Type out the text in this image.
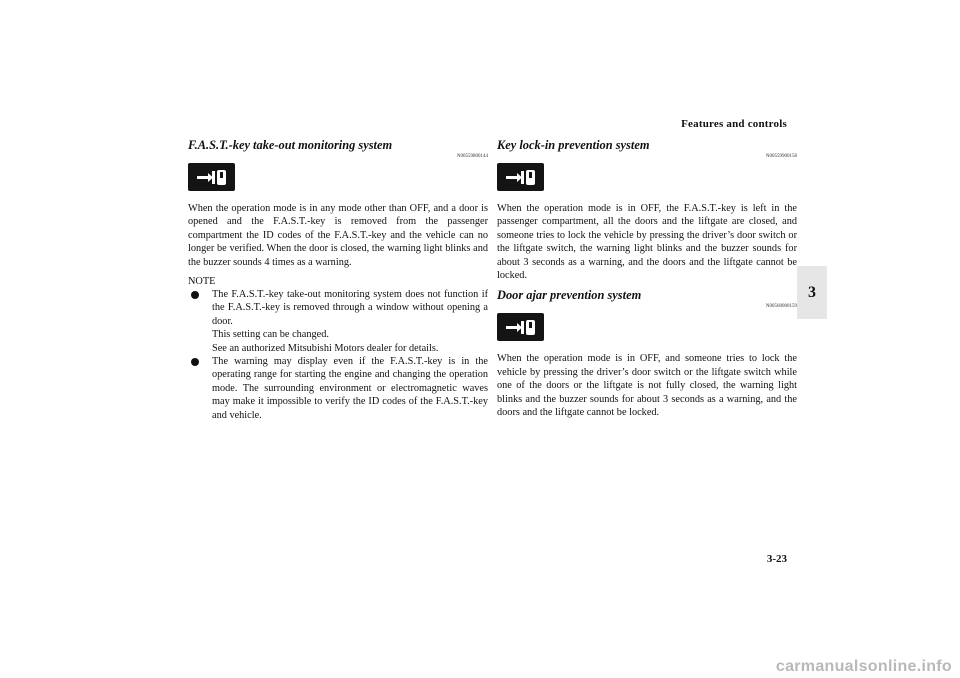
Features and controls
3
F.A.S.T.-key take-out monitoring system
N00559800144

When the operation mode is in any mode other than OFF, and a door is opened and the F.A.S.T.-key is removed from the passenger compartment the ID codes of the F.A.S.T.-key and the vehicle can no longer be verified. When the door is closed, the warning light blinks and the buzzer sounds 4 times as a warning.

NOTE
The F.A.S.T.-key take-out monitoring system does not function if the F.A.S.T.-key is removed through a window without opening a door.
This setting can be changed.
See an authorized Mitsubishi Motors dealer for details.
The warning may display even if the F.A.S.T.-key is in the operating range for starting the engine and changing the operation mode. The surrounding environment or electromagnetic waves may make it impossible to verify the ID codes of the F.A.S.T.-key and vehicle.
Key lock-in prevention system
N00559900158

When the operation mode is in OFF, the F.A.S.T.-key is left in the passenger compartment, all the doors and the liftgate are closed, and someone tries to lock the vehicle by pressing the driver’s door switch or the liftgate switch, the warning light blinks and the buzzer sounds for about 3 seconds as a warning, and the doors and the liftgate cannot be locked.

Door ajar prevention system
N00560000159

When the operation mode is in OFF, and someone tries to lock the vehicle by pressing the driver’s door switch or the liftgate switch while one of the doors or the liftgate is not fully closed, the warning light blinks and the buzzer sounds for about 3 seconds as a warning, and the doors and the liftgate cannot be locked.

3-23
carmanualsonline.info
